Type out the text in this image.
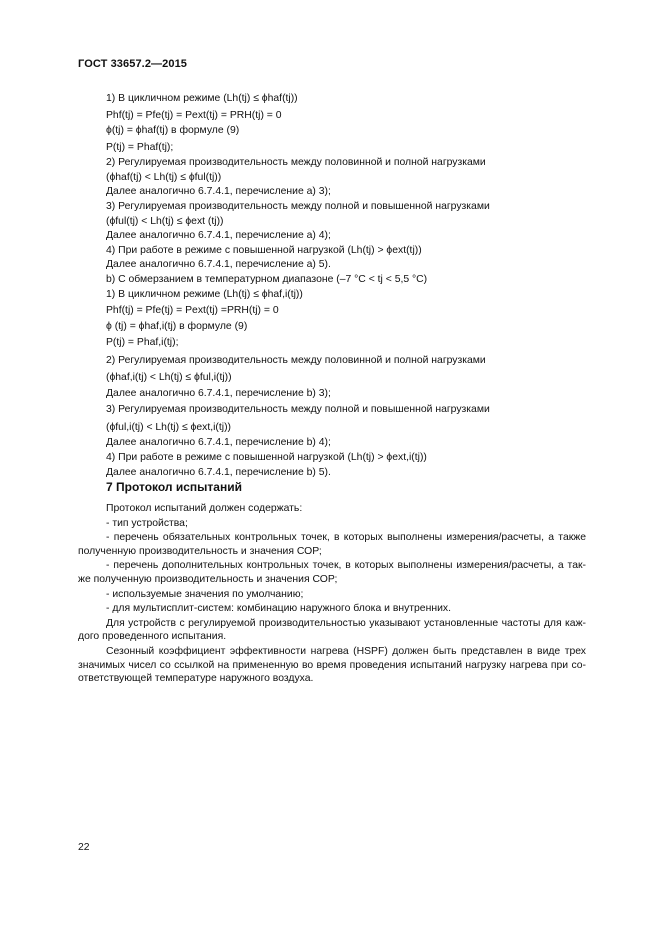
ГОСТ 33657.2—2015
1) В цикличном режиме (Lh(tj) ≤ ϕhaf(tj))
Phf(tj) = Pfe(tj) = Pext(tj) = PRH(tj) = 0
ϕ(tj) = ϕhaf(tj) в формуле (9)
P(tj) = Phaf(tj);
2) Регулируемая производительность между половинной и полной нагрузками
(ϕhaf(tj) < Lh(tj) ≤ ϕful(tj))
Далее аналогично 6.7.4.1, перечисление а) 3);
3) Регулируемая производительность между полной и повышенной нагрузками
(ϕful(tj) < Lh(tj) ≤ ϕext (tj))
Далее аналогично 6.7.4.1, перечисление а) 4);
4) При работе в режиме с повышенной нагрузкой (Lh(tj) > ϕext(tj))
Далее аналогично 6.7.4.1, перечисление а) 5).
b) С обмерзанием в температурном диапазоне (–7 °С < tj < 5,5 °С)
1) В цикличном режиме (Lh(tj) ≤ ϕhaf,i(tj))
Phf(tj) = Pfe(tj) = Pext(tj) =PRH(tj) = 0
ϕ (tj) = ϕhaf,i(tj) в формуле (9)
P(tj) = Phaf,i(tj);
2) Регулируемая производительность между половинной и полной нагрузками
(ϕhaf,i(tj) < Lh(tj) ≤ ϕful,i(tj))
Далее аналогично 6.7.4.1, перечисление b) 3);
3) Регулируемая производительность между полной и повышенной нагрузками
(ϕful,i(tj) < Lh(tj) ≤ ϕext,i(tj))
Далее аналогично 6.7.4.1, перечисление b) 4);
4) При работе в режиме с повышенной нагрузкой (Lh(tj) > ϕext,i(tj))
Далее аналогично 6.7.4.1, перечисление b) 5).
7 Протокол испытаний
Протокол испытаний должен содержать:
- тип устройства;
- перечень обязательных контрольных точек, в которых выполнены измерения/расчеты, а также полученную производительность и значения СОР;
- перечень дополнительных контрольных точек, в которых выполнены измерения/расчеты, а так-же полученную производительность и значения СОР;
- используемые значения по умолчанию;
- для мультисплит-систем: комбинацию наружного блока и внутренних.
Для устройств с регулируемой производительностью указывают установленные частоты для каж-дого проведенного испытания.
Сезонный коэффициент эффективности нагрева (HSPF) должен быть представлен в виде трех значимых чисел со ссылкой на примененную во время проведения испытаний нагрузку нагрева при со-ответствующей температуре наружного воздуха.
22
